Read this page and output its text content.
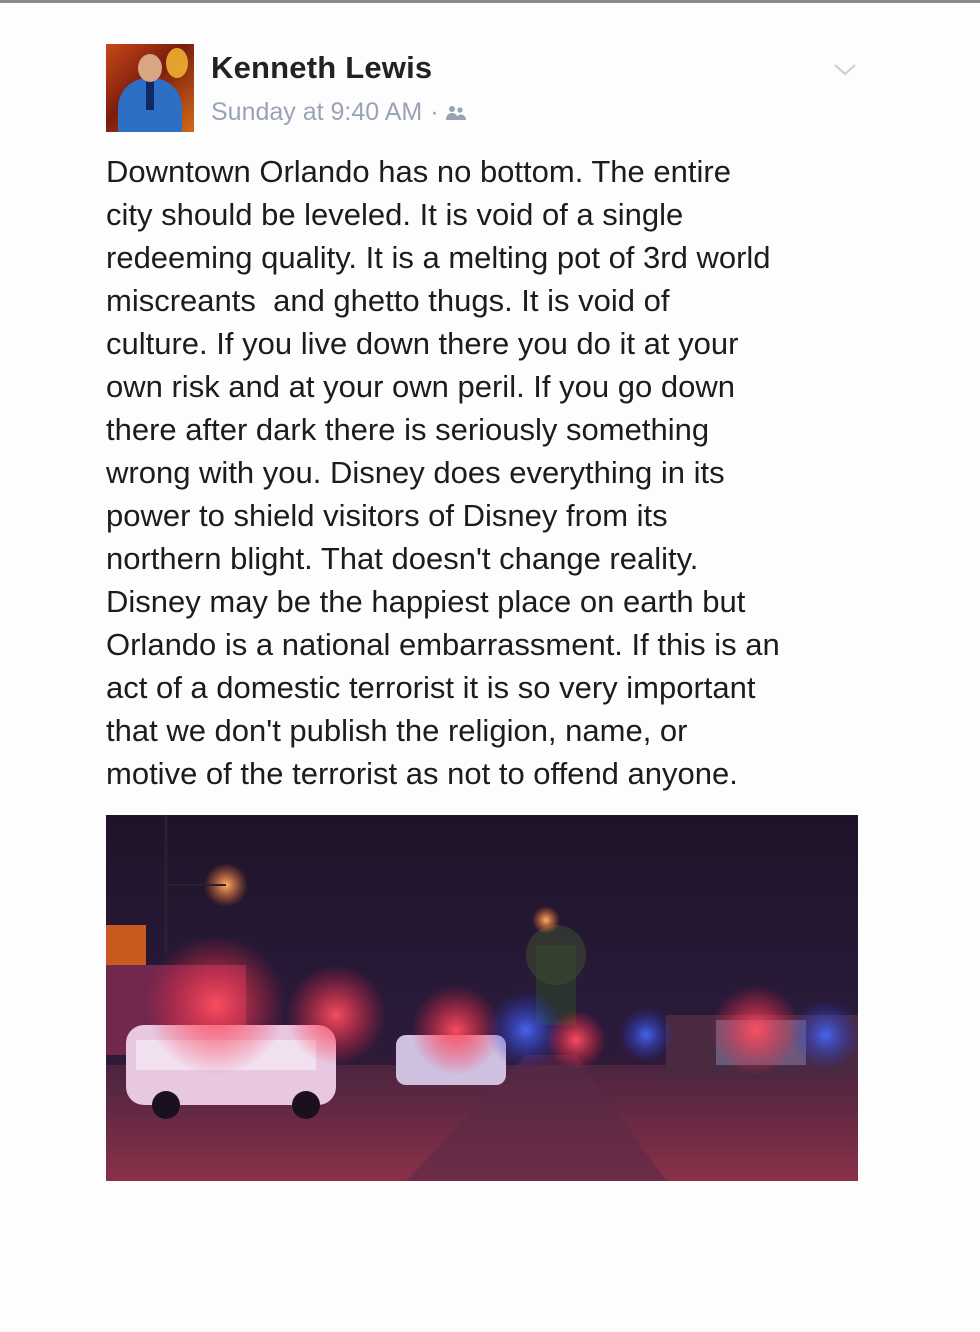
Kenneth Lewis
Sunday at 9:40 AM ·
Downtown Orlando has no bottom. The entire
city should be leveled. It is void of a single
redeeming quality. It is a melting pot of 3rd world
miscreants  and ghetto thugs. It is void of
culture. If you live down there you do it at your
own risk and at your own peril. If you go down
there after dark there is seriously something
wrong with you. Disney does everything in its
power to shield visitors of Disney from its
northern blight. That doesn't change reality.
Disney may be the happiest place on earth but
Orlando is a national embarrassment. If this is an
act of a domestic terrorist it is so very important
that we don't publish the religion, name, or
motive of the terrorist as not to offend anyone.
